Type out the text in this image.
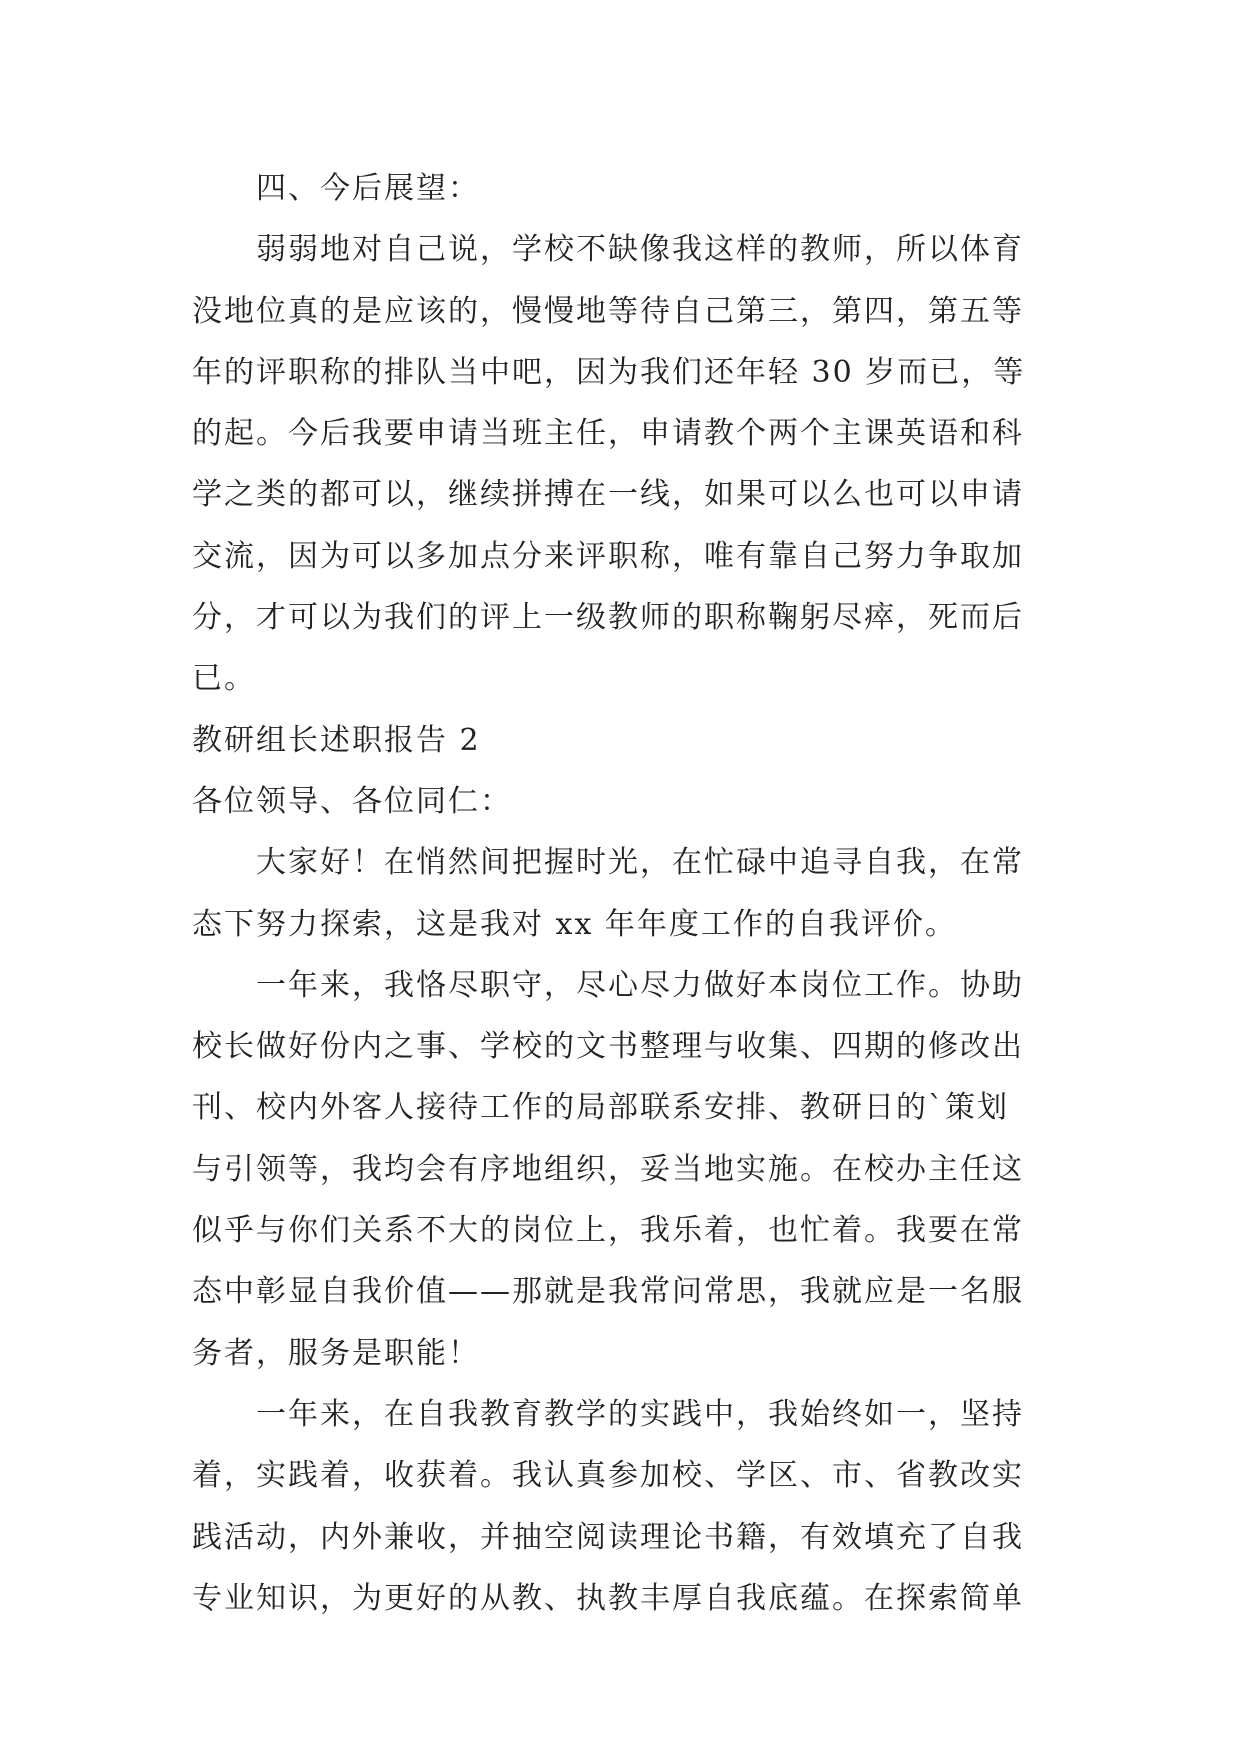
四、今后展望：
弱弱地对自己说，学校不缺像我这样的教师，所以体育
没地位真的是应该的，慢慢地等待自己第三，第四，第五等
年的评职称的排队当中吧，因为我们还年轻 30 岁而已，等
的起。今后我要申请当班主任，申请教个两个主课英语和科
学之类的都可以，继续拼搏在一线，如果可以么也可以申请
交流，因为可以多加点分来评职称，唯有靠自己努力争取加
分，才可以为我们的评上一级教师的职称鞠躬尽瘁，死而后
已。
教研组长述职报告 2
各位领导、各位同仁：
大家好！在悄然间把握时光，在忙碌中追寻自我，在常
态下努力探索，这是我对 xx 年年度工作的自我评价。
一年来，我恪尽职守，尽心尽力做好本岗位工作。协助
校长做好份内之事、学校的文书整理与收集、四期的修改出
刊、校内外客人接待工作的局部联系安排、教研日的`策划
与引领等，我均会有序地组织，妥当地实施。在校办主任这
似乎与你们关系不大的岗位上，我乐着，也忙着。我要在常
态中彰显自我价值——那就是我常问常思，我就应是一名服
务者，服务是职能！
一年来，在自我教育教学的实践中，我始终如一，坚持
着，实践着，收获着。我认真参加校、学区、市、省教改实
践活动，内外兼收，并抽空阅读理论书籍，有效填充了自我
专业知识，为更好的从教、执教丰厚自我底蕴。在探索简单
